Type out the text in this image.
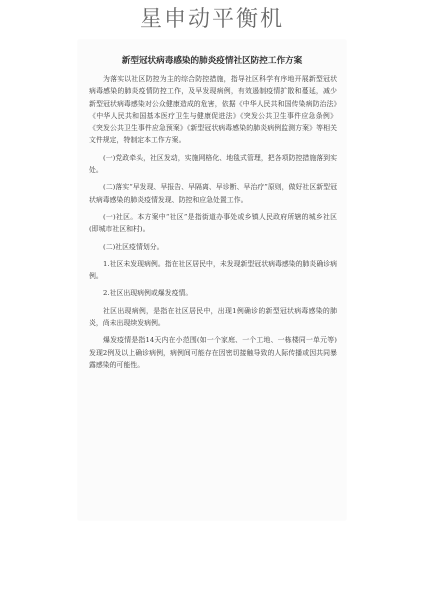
星申动平衡机
新型冠状病毒感染的肺炎疫情社区防控工作方案

为落实以社区防控为主的综合防控措施，指导社区科学有序地开展新型冠状病毒感染的肺炎疫情防控工作，及早发现病例，有效遏制疫情扩散和蔓延，减少新型冠状病毒感染对公众健康造成的危害，依据《中华人民共和国传染病防治法》《中华人民共和国基本医疗卫生与健康促进法》《突发公共卫生事件应急条例》《突发公共卫生事件应急预案》《新型冠状病毒感染的肺炎病例监测方案》等相关文件规定，特制定本工作方案。

(一)党政牵头，社区发动，实施网格化、地毯式管理，把各项防控措施落到实处。

(二)落实“早发现、早报告、早隔离、早诊断、早治疗”原则，做好社区新型冠状病毒感染的肺炎疫情发现、防控和应急处置工作。

(一)社区。本方案中“社区”是指街道办事处或乡镇人民政府所辖的城乡社区(即城市社区和村)。

(二)社区疫情划分。

1.社区未发现病例。指在社区居民中，未发现新型冠状病毒感染的肺炎确诊病例。

2.社区出现病例或爆发疫情。

社区出现病例，是指在社区居民中，出现1例确诊的新型冠状病毒感染的肺炎，尚未出现续发病例。

爆发疫情是指14天内在小范围(如一个家庭、一个工地、一栋楼同一单元等)发现2例及以上确诊病例，病例间可能存在因密切接触导致的人际传播或因共同暴露感染的可能性。
